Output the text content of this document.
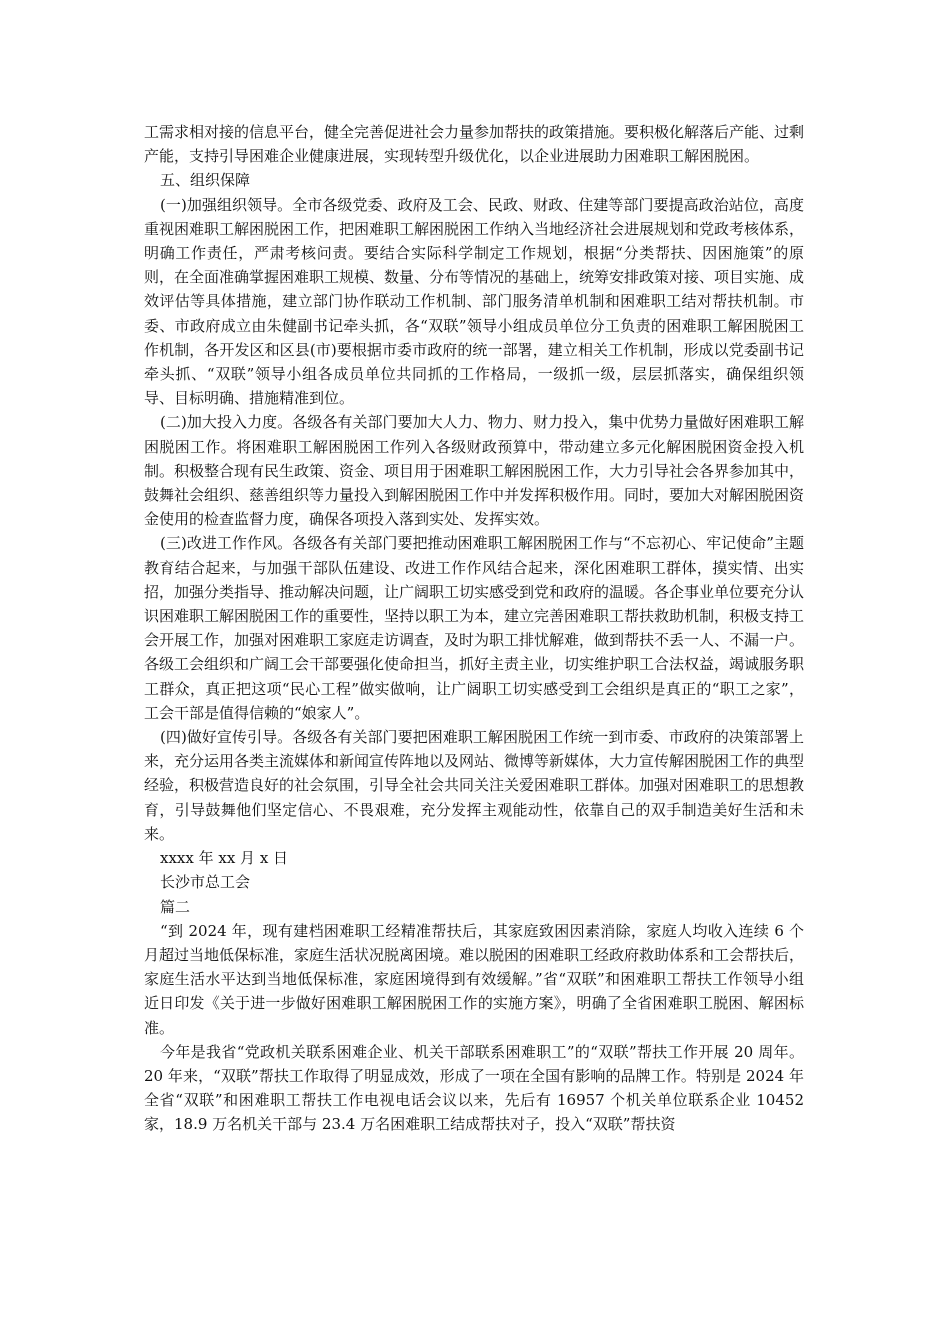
工需求相对接的信息平台，健全完善促进社会力量参加帮扶的政策措施。要积极化解落后产能、过剩产能，支持引导困难企业健康进展，实现转型升级优化，以企业进展助力困难职工解困脱困。

五、组织保障

(一)加强组织领导。全市各级党委、政府及工会、民政、财政、住建等部门要提高政治站位，高度重视困难职工解困脱困工作，把困难职工解困脱困工作纳入当地经济社会进展规划和党政考核体系，明确工作责任，严肃考核问责。要结合实际科学制定工作规划，根据“分类帮扶、因困施策”的原则，在全面准确掌握困难职工规模、数量、分布等情况的基础上，统筹安排政策对接、项目实施、成效评估等具体措施，建立部门协作联动工作机制、部门服务清单机制和困难职工结对帮扶机制。市委、市政府成立由朱健副书记牵头抓，各“双联”领导小组成员单位分工负责的困难职工解困脱困工作机制，各开发区和区县(市)要根据市委市政府的统一部署，建立相关工作机制，形成以党委副书记牵头抓、“双联”领导小组各成员单位共同抓的工作格局，一级抓一级，层层抓落实，确保组织领导、目标明确、措施精准到位。

(二)加大投入力度。各级各有关部门要加大人力、物力、财力投入，集中优势力量做好困难职工解困脱困工作。将困难职工解困脱困工作列入各级财政预算中，带动建立多元化解困脱困资金投入机制。积极整合现有民生政策、资金、项目用于困难职工解困脱困工作，大力引导社会各界参加其中，鼓舞社会组织、慈善组织等力量投入到解困脱困工作中并发挥积极作用。同时，要加大对解困脱困资金使用的检查监督力度，确保各项投入落到实处、发挥实效。

(三)改进工作作风。各级各有关部门要把推动困难职工解困脱困工作与“不忘初心、牢记使命”主题教育结合起来，与加强干部队伍建设、改进工作作风结合起来，深化困难职工群体，摸实情、出实招，加强分类指导、推动解决问题，让广阔职工切实感受到党和政府的温暖。各企事业单位要充分认识困难职工解困脱困工作的重要性，坚持以职工为本，建立完善困难职工帮扶救助机制，积极支持工会开展工作，加强对困难职工家庭走访调查，及时为职工排忧解难，做到帮扶不丢一人、不漏一户。各级工会组织和广阔工会干部要强化使命担当，抓好主责主业，切实维护职工合法权益，竭诚服务职工群众，真正把这项“民心工程”做实做响，让广阔职工切实感受到工会组织是真正的“职工之家”，工会干部是值得信赖的“娘家人”。

(四)做好宣传引导。各级各有关部门要把困难职工解困脱困工作统一到市委、市政府的决策部署上来，充分运用各类主流媒体和新闻宣传阵地以及网站、微博等新媒体，大力宣传解困脱困工作的典型经验，积极营造良好的社会氛围，引导全社会共同关注关爱困难职工群体。加强对困难职工的思想教育，引导鼓舞他们坚定信心、不畏艰难，充分发挥主观能动性，依靠自己的双手制造美好生活和未来。

xxxx 年 xx 月 x 日

长沙市总工会

篇二

“到 2024 年，现有建档困难职工经精准帮扶后，其家庭致困因素消除，家庭人均收入连续 6 个月超过当地低保标准，家庭生活状况脱离困境。难以脱困的困难职工经政府救助体系和工会帮扶后，家庭生活水平达到当地低保标准，家庭困境得到有效缓解。”省“双联”和困难职工帮扶工作领导小组近日印发《关于进一步做好困难职工解困脱困工作的实施方案》，明确了全省困难职工脱困、解困标准。

今年是我省“党政机关联系困难企业、机关干部联系困难职工”的“双联”帮扶工作开展 20 周年。20 年来，“双联”帮扶工作取得了明显成效，形成了一项在全国有影响的品牌工作。特别是 2024 年全省“双联”和困难职工帮扶工作电视电话会议以来，先后有 16957 个机关单位联系企业 10452 家，18.9 万名机关干部与 23.4 万名困难职工结成帮扶对子，投入“双联”帮扶资
